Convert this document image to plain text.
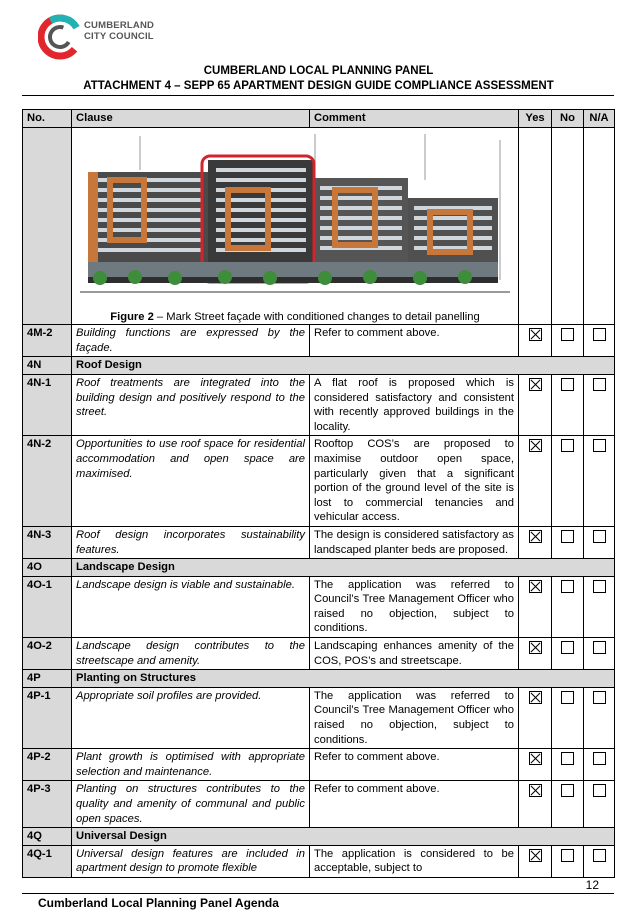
CUMBERLAND
CITY COUNCIL
CUMBERLAND LOCAL PLANNING PANEL
ATTACHMENT 4 – SEPP 65 APARTMENT DESIGN GUIDE COMPLIANCE ASSESSMENT
No.	Clause	Comment	Yes	No	N/A

	Figure 2 – Mark Street façade with conditioned changes to detail panelling				

4M-2	Building functions are expressed by the façade.	Refer to comment above.			
4N	Roof Design				
4N-1	Roof treatments are integrated into the building design and positively respond to the street.	A flat roof is proposed which is considered satisfactory and consistent with recently approved buildings in the locality.			
4N-2	Opportunities to use roof space for residential accommodation and open space are maximised.	Rooftop COS’s are proposed to maximise outdoor open space, particularly given that a significant portion of the ground level of the site is lost to commercial tenancies and vehicular access.			
4N-3	Roof design incorporates sustainability features.	The design is considered satisfactory as landscaped planter beds are proposed.			
4O	Landscape Design				
4O-1	Landscape design is viable and sustainable.	The application was referred to Council’s Tree Management Officer who raised no objection, subject to conditions.			
4O-2	Landscape design contributes to the streetscape and amenity.	Landscaping enhances amenity of the COS, POS’s and streetscape.			
4P	Planting on Structures				
4P-1	Appropriate soil profiles are provided.	The application was referred to Council’s Tree Management Officer who raised no objection, subject to conditions.			
4P-2	Plant growth is optimised with appropriate selection and maintenance.	Refer to comment above.			
4P-3	Planting on structures contributes to the quality and amenity of communal and public open spaces.	Refer to comment above.			
4Q	Universal Design				
4Q-1	Universal design features are included in apartment design to promote flexible	The application is considered to be acceptable, subject to			
12
Cumberland Local Planning Panel Agenda
